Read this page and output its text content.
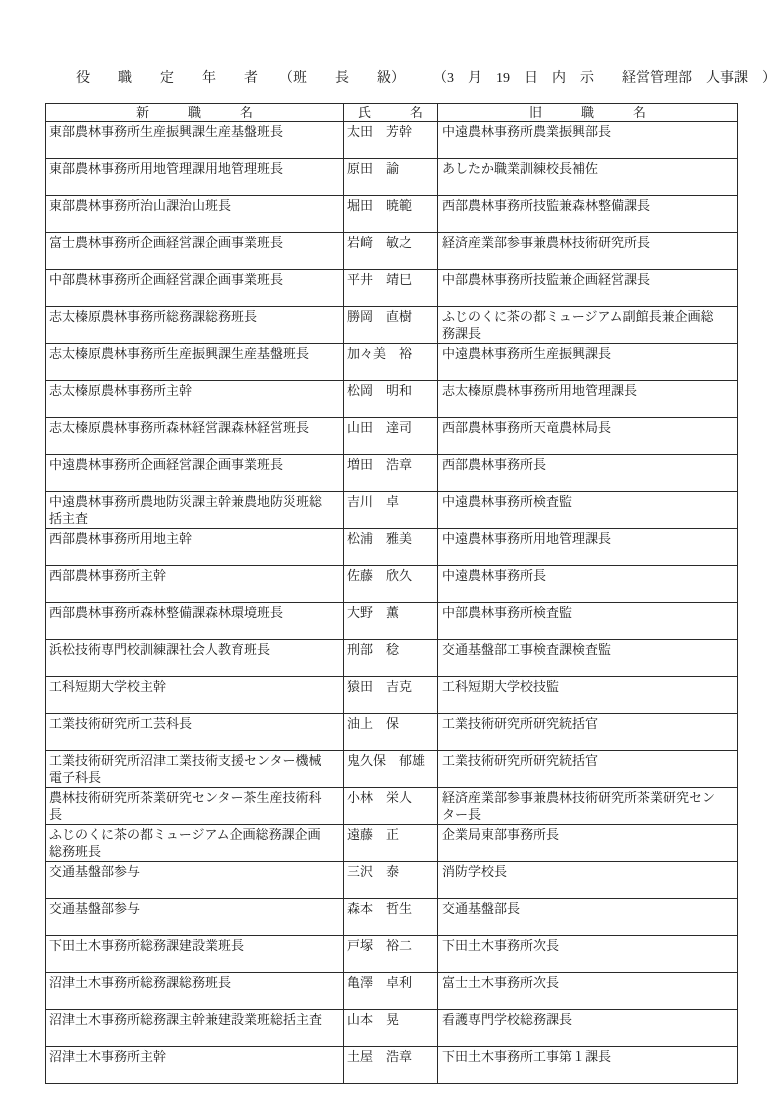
役　　職　　定　　年　　者　　（班　　長　　級）　　　（3　月　19　日　内　示　　経営管理部　人事課　）
新　　　職　　　名	氏　　　名	旧　　　職　　　名
東部農林事務所生産振興課生産基盤班長	太田　芳幹	中遠農林事務所農業振興部長
東部農林事務所用地管理課用地管理班長	原田　諭	あしたか職業訓練校長補佐
東部農林事務所治山課治山班長	堀田　暁範	西部農林事務所技監兼森林整備課長
富士農林事務所企画経営課企画事業班長	岩﨑　敏之	経済産業部参事兼農林技術研究所長
中部農林事務所企画経営課企画事業班長	平井　靖巳	中部農林事務所技監兼企画経営課長
志太榛原農林事務所総務課総務班長	勝岡　直樹	ふじのくに茶の都ミュージアム副館長兼企画総務課長
志太榛原農林事務所生産振興課生産基盤班長	加々美　裕	中遠農林事務所生産振興課長
志太榛原農林事務所主幹	松岡　明和	志太榛原農林事務所用地管理課長
志太榛原農林事務所森林経営課森林経営班長	山田　達司	西部農林事務所天竜農林局長
中遠農林事務所企画経営課企画事業班長	増田　浩章	西部農林事務所長
中遠農林事務所農地防災課主幹兼農地防災班総括主査	吉川　卓	中遠農林事務所検査監
西部農林事務所用地主幹	松浦　雅美	中遠農林事務所用地管理課長
西部農林事務所主幹	佐藤　欣久	中遠農林事務所長
西部農林事務所森林整備課森林環境班長	大野　薫	中部農林事務所検査監
浜松技術専門校訓練課社会人教育班長	刑部　稔	交通基盤部工事検査課検査監
工科短期大学校主幹	猿田　吉克	工科短期大学校技監
工業技術研究所工芸科長	油上　保	工業技術研究所研究統括官
工業技術研究所沼津工業技術支援センター機械電子科長	鬼久保　郁雄	工業技術研究所研究統括官
農林技術研究所茶業研究センター茶生産技術科長	小林　栄人	経済産業部参事兼農林技術研究所茶業研究センター長
ふじのくに茶の都ミュージアム企画総務課企画総務班長	遠藤　正	企業局東部事務所長
交通基盤部参与	三沢　泰	消防学校長
交通基盤部参与	森本　哲生	交通基盤部長
下田土木事務所総務課建設業班長	戸塚　裕二	下田土木事務所次長
沼津土木事務所総務課総務班長	亀澤　卓利	富士土木事務所次長
沼津土木事務所総務課主幹兼建設業班総括主査	山本　晃	看護専門学校総務課長
沼津土木事務所主幹	土屋　浩章	下田土木事務所工事第１課長
